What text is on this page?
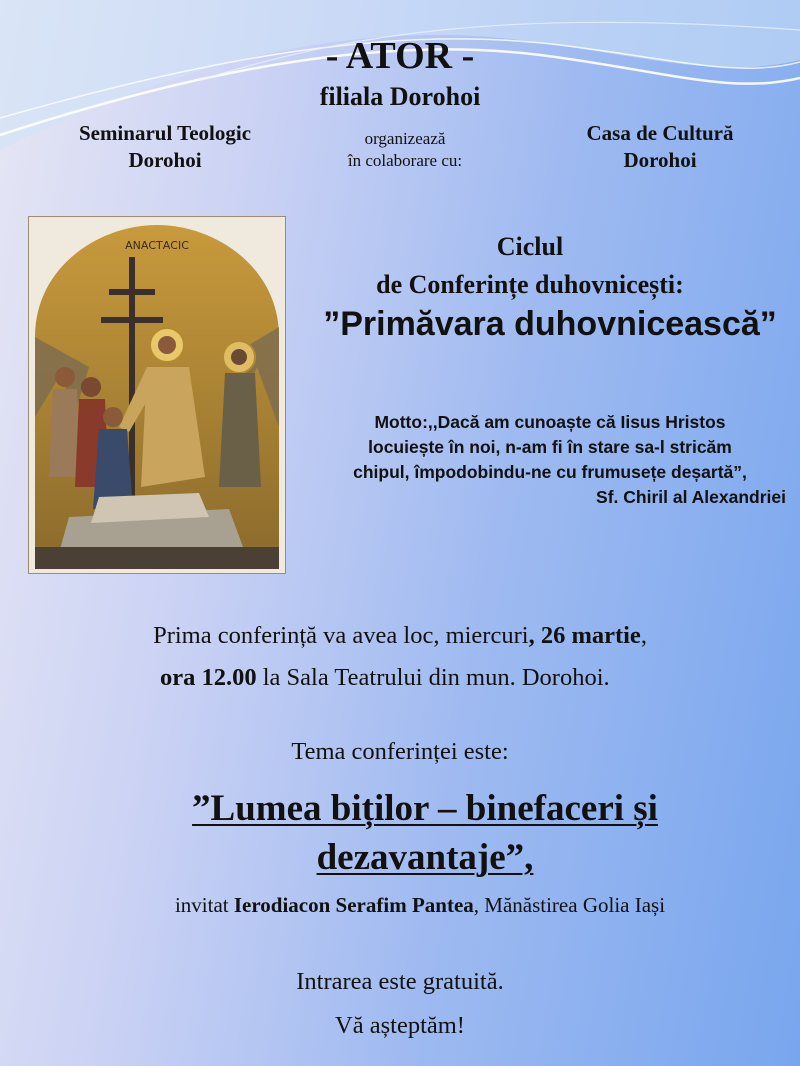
- ATOR -
filiala Dorohoi
Seminarul Teologic
Dorohoi
organizează
în colaborare cu:
Casa de Cultură
Dorohoi
ΑΝΑCΤΑCΙC	Ciclul
de Conferințe duhovnicești:
”Primăvara duhovnicească”
Motto:,,Dacă am cunoaște că Iisus Hristos
locuiește în noi, n-am fi în stare sa-l stricăm
chipul, împodobindu-ne cu frumusețe deșartă”,
Sf. Chiril al Alexandriei
Prima conferință va avea loc, miercuri, 26 martie,
ora 12.00 la Sala Teatrului din mun. Dorohoi.
Tema conferinței este:
”Lumea biților – binefaceri și
dezavantaje”,
invitat Ierodiacon Serafim Pantea, Mănăstirea Golia Iași
Intrarea este gratuită.
Vă așteptăm!
